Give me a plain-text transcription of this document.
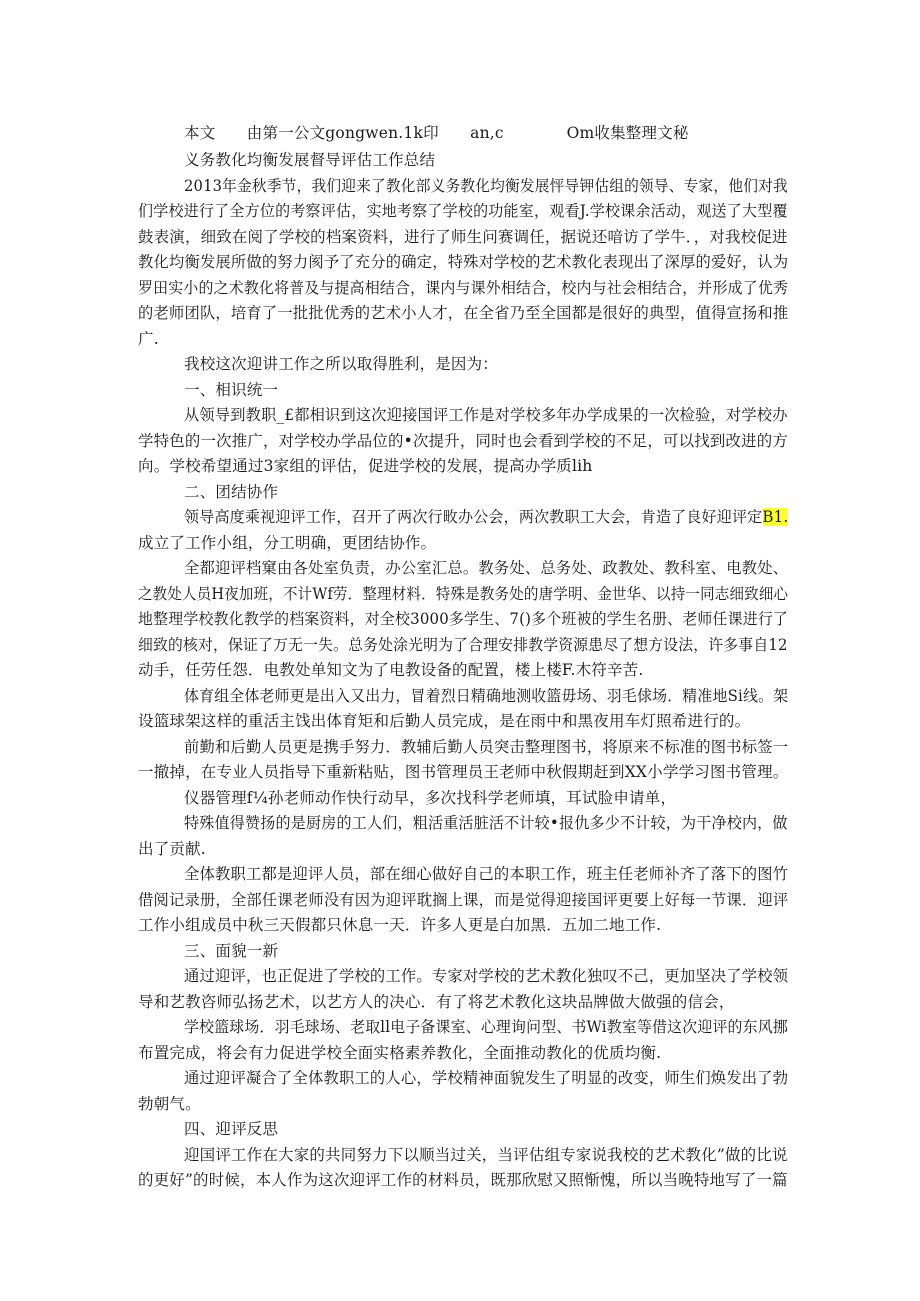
本文　　由第一公文gongwen.1k印　　an,c　　　　Om收集整理文秘
义务教化均衡发展督导评估工作总结
2013年金秋季节，我们迎来了教化部义务教化均衡发展怦导钾估组的领导、专家，他们对我
们学校进行了全方位的考察评估，实地考察了学校的功能室，观看J.学校课余活动，观送了大型覆
鼓表演，细致在阅了学校的档案资料，进行了师生问赛调任，据说还喑访了学牛．，对我校促进
教化均衡发展所做的努力阂予了充分的确定，特殊对学校的艺术教化表现出了深厚的爱好，认为
罗田实小的之术教化将普及与提高相结合，课内与课外相结合，校内与社会相结合，并形成了优秀
的老师团队，培育了一批批优秀的艺术小人才，在全省乃至全国都是很好的典型，值得宣扬和推
广.
我校这次迎讲工作之所以取得胜利，是因为：
一、相识统一
从领导到教职_£都相识到这次迎接国评工作是对学校多年办学成果的一次检验，对学校办
学特色的一次推广，对学校办学品位的•次提升，同时也会看到学校的不足，可以找到改进的方
向。学校希望通过3家组的评估，促进学校的发展，提高办学质lih
二、团结协作
领导高度乘视迎评工作，召开了两次行畋办公会，两次教职工大会，肯造了良好迎评定B1.
成立了工作小组，分工明确，更团结协作。
全都迎评档窠由各处室负责，办公室汇总。教务处、总务处、政教处、教科室、电教处、
之教处人员H夜加班，不计Wf劳．整理材料．特殊是教务处的唐学明、金世华、以持一同志细致细心
地整理学校教化教学的档案资料，对全校3000多学生、7()多个班被的学生名册、老师任课进行了
细致的核对，保证了万无一失。总务处涂光明为了合理安排教学资源患尽了想方设法，许多事自12
动手，任劳任怨．电教处单知文为了电教设备的配置，楼上楼F.木符辛苦.
体育组全体老师更是出入又出力，冒着烈日精确地测收篮毋场、羽毛俅场．精准地Si线。架
设篮球架这样的重活主饯出体育矩和后勤人员完成，是在雨中和黑夜用车灯照希进行的。
前勤和后勤人员更是携手努力．教辅后勤人员突击整理图书，将原来不标准的图书标签一
一撤掉，在专业人员指导下重新粘贴，图书管理员王老师中秋假期赶到XX小学学习图书管理。
仪器管理f¼孙老师动作快行动早，多次找科学老师填，耳试脸申请单，
特殊值得赞扬的是厨房的工人们，粗活重活脏活不计较•报仇多少不计较，为干净校内，做
出了贡献.
全体教职工都是迎评人员，部在细心做好自己的本职工作，班主任老师补齐了落下的图竹
借阅记录册，全部任课老师没有因为迎评耽搁上课，而是觉得迎接国评更要上好每一节课．迎评
工作小组成员中秋三天假都只休息一天．许多人更是白加黑．五加二地工作.
三、面貌一新
通过迎评，也正促进了学校的工作。专家对学校的艺术教化独叹不己，更加坚决了学校领
导和艺教咨师弘扬艺术，以艺方人的决心．有了将艺术教化这块品牌做大做强的信会，
学校篮球场．羽毛球场、老取ll电子备课室、心理询问型、书Wi教室等借这次迎评的东风挪
布置完成，将会有力促进学校全面实格素养教化，全面推动教化的优质均衡.
通过迎评凝合了全体教职工的人心，学校精神面貌发生了明显的改变，师生们焕发出了勃
勃朝气。
四、迎评反思
迎国评工作在大家的共同努力下以顺当过关，当评估组专家说我校的艺术教化”做的比说
的更好”的时候，本人作为这次迎评工作的材料员，既那欣慰又照惭愧，所以当晚特地写了一篇
